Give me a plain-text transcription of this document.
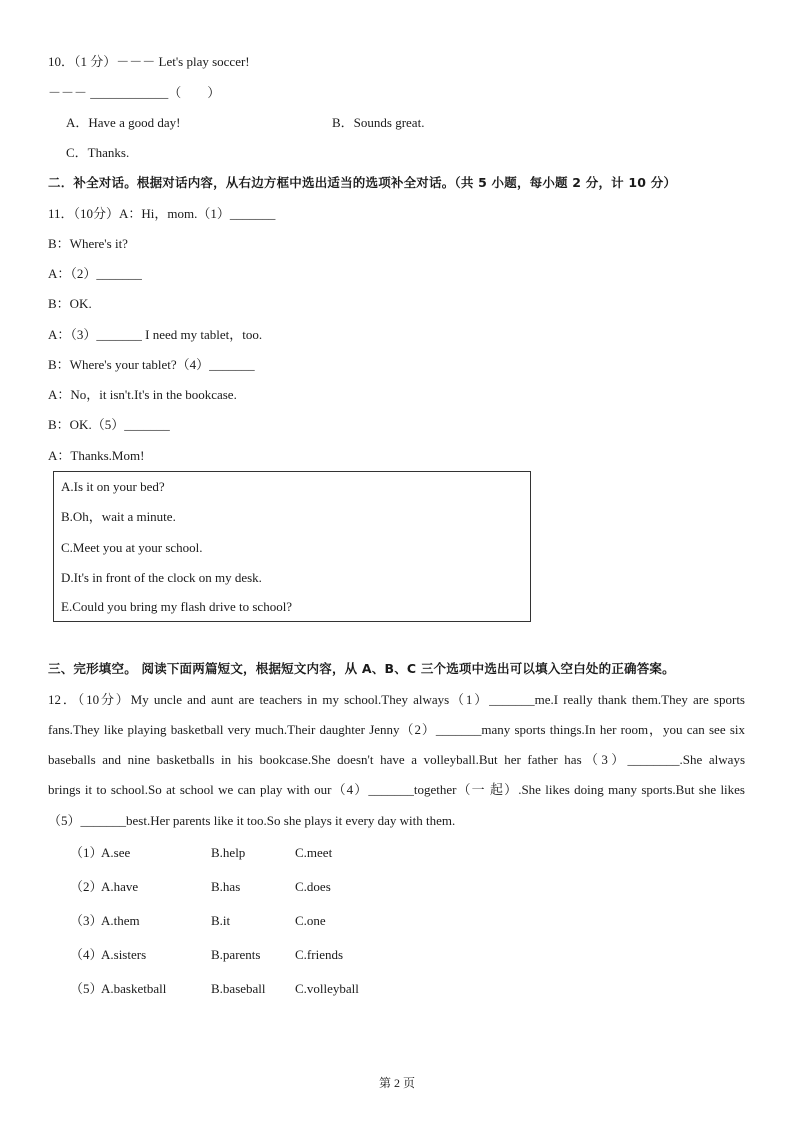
10．（1 分）－－－ Let's play soccer!
－－－ ____________（　　）
A．Have a good day!	B．Sounds great.
C．Thanks.
二．补全对话。根据对话内容，从右边方框中选出适当的选项补全对话。（共 5 小题，每小题 2 分，计 10 分）
11．（10分）A：Hi，mom.（1）_______
B：Where's it?
A：（2）_______
B：OK.
A：（3）_______ I need my tablet，too.
B：Where's your tablet?（4）_______
A：No，it isn't.It's in the bookcase.
B：OK.（5）_______
A：Thanks.Mom!
A.Is it on your bed?
B.Oh，wait a minute.
C.Meet you at your school.
D.It's in front of the clock on my desk.
E.Could you bring my flash drive to school?
三、完形填空。 阅读下面两篇短文，根据短文内容，从 A、B、C 三个选项中选出可以填入空白处的正确答案。
12．（10分）My uncle and aunt are teachers in my school.They always（1）_______me.I really thank them.They are sports
fans.They like playing basketball very much.Their daughter Jenny（2）_______many sports things.In her room，you can see six
baseballs and nine basketballs in his bookcase.She doesn't have a volleyball.But her father has（3）________.She always
brings it to school.So at school we can play with our（4）_______together（一 起）.She likes doing many sports.But she likes
（5）_______best.Her parents like it too.So she plays it every day with them.
（1）
A.see	B.help	C.meet
（2）
A.have	B.has	C.does
（3）
A.them	B.it	C.one
（4）
A.sisters	B.parents	C.friends
（5）
A.basketball	B.baseball C.volleyball
第 2 页
